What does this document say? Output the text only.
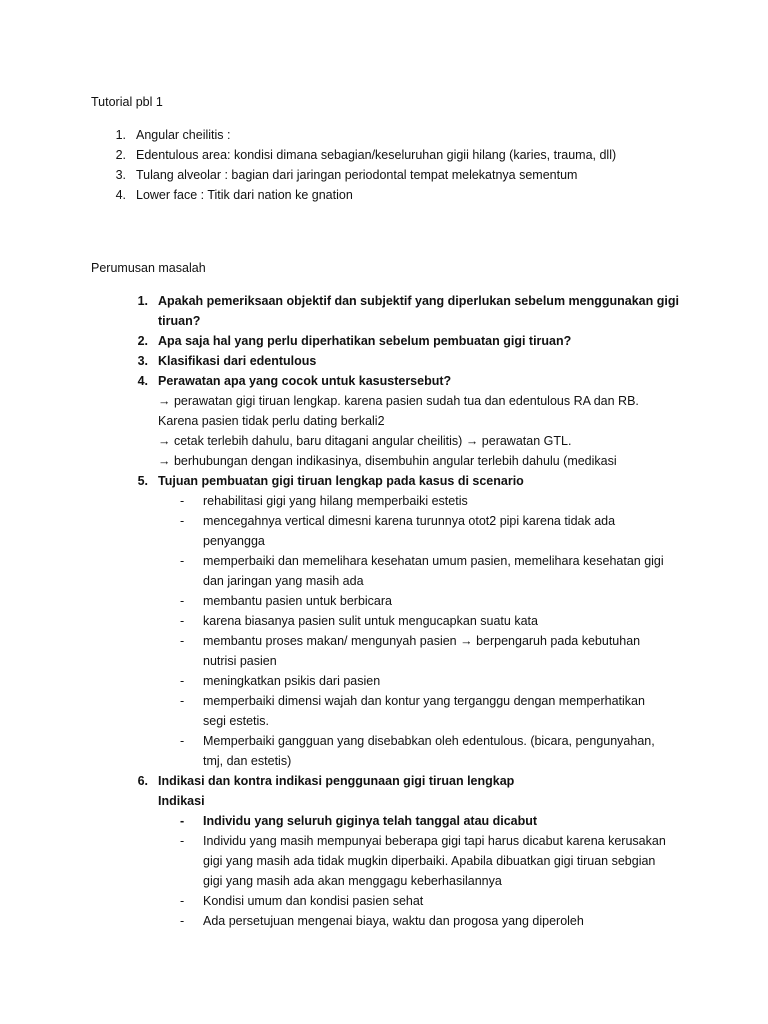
Tutorial pbl 1
1. Angular cheilitis :
2. Edentulous area: kondisi dimana sebagian/keseluruhan gigii hilang (karies, trauma, dll)
3. Tulang alveolar : bagian dari jaringan periodontal tempat melekatnya sementum
4. Lower face : Titik dari nation ke gnation
Perumusan masalah
1. Apakah pemeriksaan objektif dan subjektif yang diperlukan sebelum menggunakan gigi
tiruan?
2. Apa saja hal yang perlu diperhatikan sebelum pembuatan gigi tiruan?
3. Klasifikasi dari edentulous
4. Perawatan apa yang cocok untuk kasustersebut?
→ perawatan gigi tiruan lengkap. karena pasien sudah tua dan edentulous RA dan RB.
Karena pasien tidak perlu dating berkali2
→ cetak terlebih dahulu, baru ditagani angular cheilitis) → perawatan GTL.
→ berhubungan dengan indikasinya, disembuhin angular terlebih dahulu (medikasi
5. Tujuan pembuatan gigi tiruan lengkap pada kasus di scenario
- rehabilitasi gigi yang hilang memperbaiki estetis
- mencegahnya vertical dimesni karena turunnya otot2 pipi karena tidak ada
penyangga
- memperbaiki dan memelihara kesehatan umum pasien, memelihara kesehatan gigi
dan jaringan yang masih ada
- membantu pasien untuk berbicara
- karena biasanya pasien sulit untuk mengucapkan suatu kata
- membantu proses makan/ mengunyah pasien → berpengaruh pada kebutuhan
nutrisi pasien
- meningkatkan psikis dari pasien
- memperbaiki dimensi wajah dan kontur yang terganggu dengan memperhatikan
segi estetis.
- Memperbaiki gangguan yang disebabkan oleh edentulous. (bicara, pengunyahan,
tmj, dan estetis)
6. Indikasi dan kontra indikasi penggunaan gigi tiruan lengkap
Indikasi
- Individu yang seluruh giginya telah tanggal atau dicabut
- Individu yang masih mempunyai beberapa gigi tapi harus dicabut karena kerusakan
gigi yang masih ada tidak mugkin diperbaiki. Apabila dibuatkan gigi tiruan sebgian
gigi yang masih ada akan menggagu keberhasilannya
- Kondisi umum dan kondisi pasien sehat
- Ada persetujuan mengenai biaya, waktu dan progosa yang diperoleh
